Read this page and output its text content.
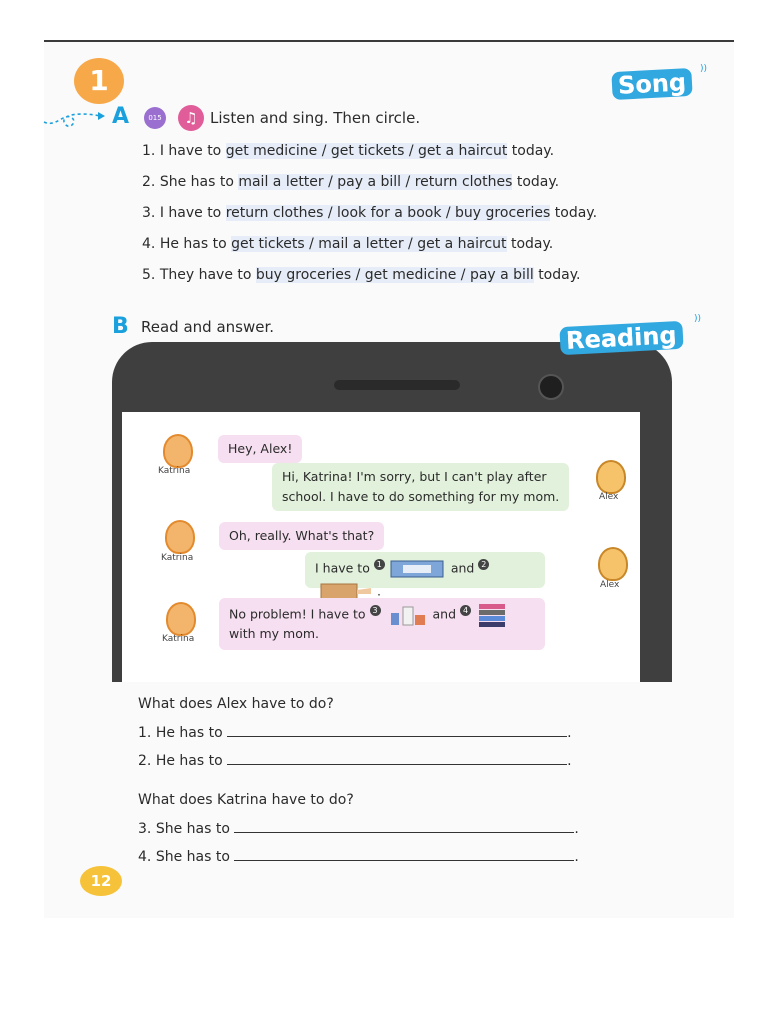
1
A	015	♫ Listen and sing. Then circle.
Song	))
1. I have to get medicine / get tickets / get a haircut today.
2. She has to mail a letter / pay a bill / return clothes today.
3. I have to return clothes / look for a book / buy groceries today.
4. He has to get tickets / mail a letter / get a haircut today.
5. They have to buy groceries / get medicine / pay a bill today.
B Read and answer.	Reading
))
Katrina
Hey, Alex!
Hi, Katrina! I'm sorry, but I can't play after
school. I have to do something for my mom.	Alex
Katrina
Oh, really. What's that?
I have to 1	and 2  .	Alex
Katrina
No problem! I have to 3	and 4
with my mom.
What does Alex have to do?
1. He has to	.
2. He has to	.
What does Katrina have to do?
3. She has to	.
4. She has to	.
12
